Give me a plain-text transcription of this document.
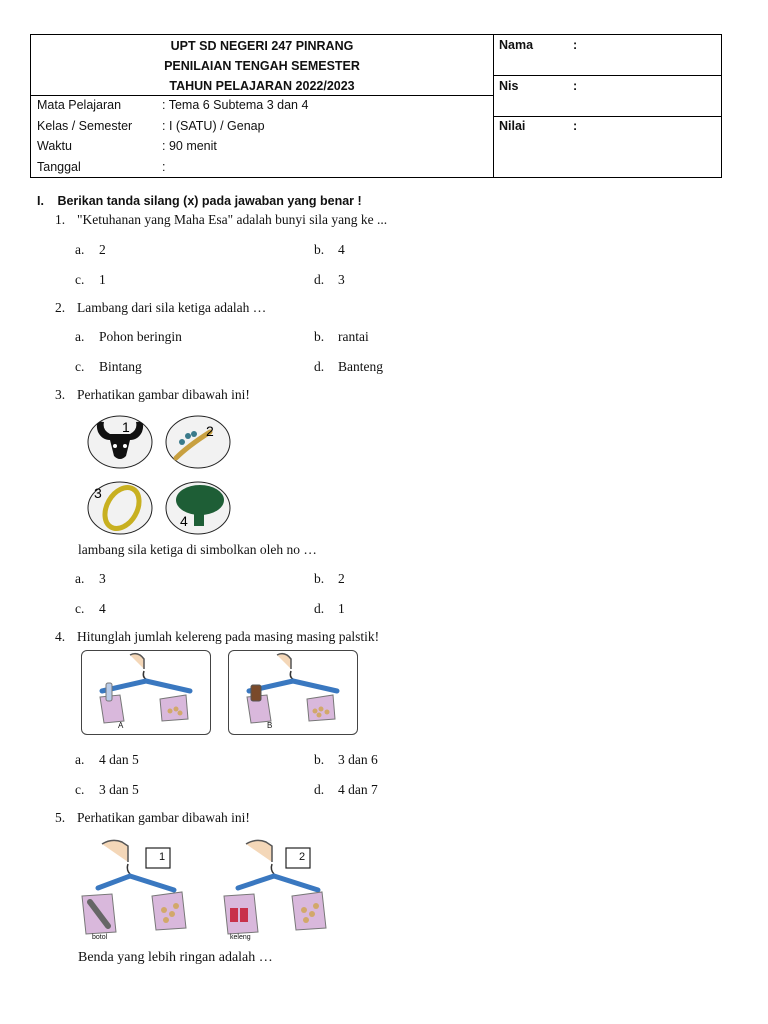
UPT SD NEGERI 247 PINRANG
PENILAIAN TENGAH SEMESTER
TAHUN PELAJARAN 2022/2023
Mata Pelajaran	: Tema 6 Subtema 3 dan 4
Kelas / Semester : I (SATU) / Genap
Waktu	: 90 menit
Tanggal	:
Nama	:
Nis	:
Nilai	:
I. Berikan tanda silang (x) pada jawaban yang benar !
1. "Ketuhanan yang Maha Esa" adalah bunyi sila yang ke ...
a. 2	b. 4
c. 1	d. 3
2. Lambang dari sila ketiga adalah …
a. Pohon beringin	b. rantai
c. Bintang	d. Banteng
3. Perhatikan gambar dibawah ini!
1	2
3
4
lambang sila ketiga di simbolkan oleh no …
a. 3	b. 2
c. 4	d. 1
4. Hitunglah jumlah kelereng pada masing masing palstik!
A	B
a. 4 dan 5	b. 3 dan 6
c. 3 dan 5	d. 4 dan 7
5. Perhatikan gambar dibawah ini!
1	2
botol	keleng
Benda yang lebih ringan adalah …
